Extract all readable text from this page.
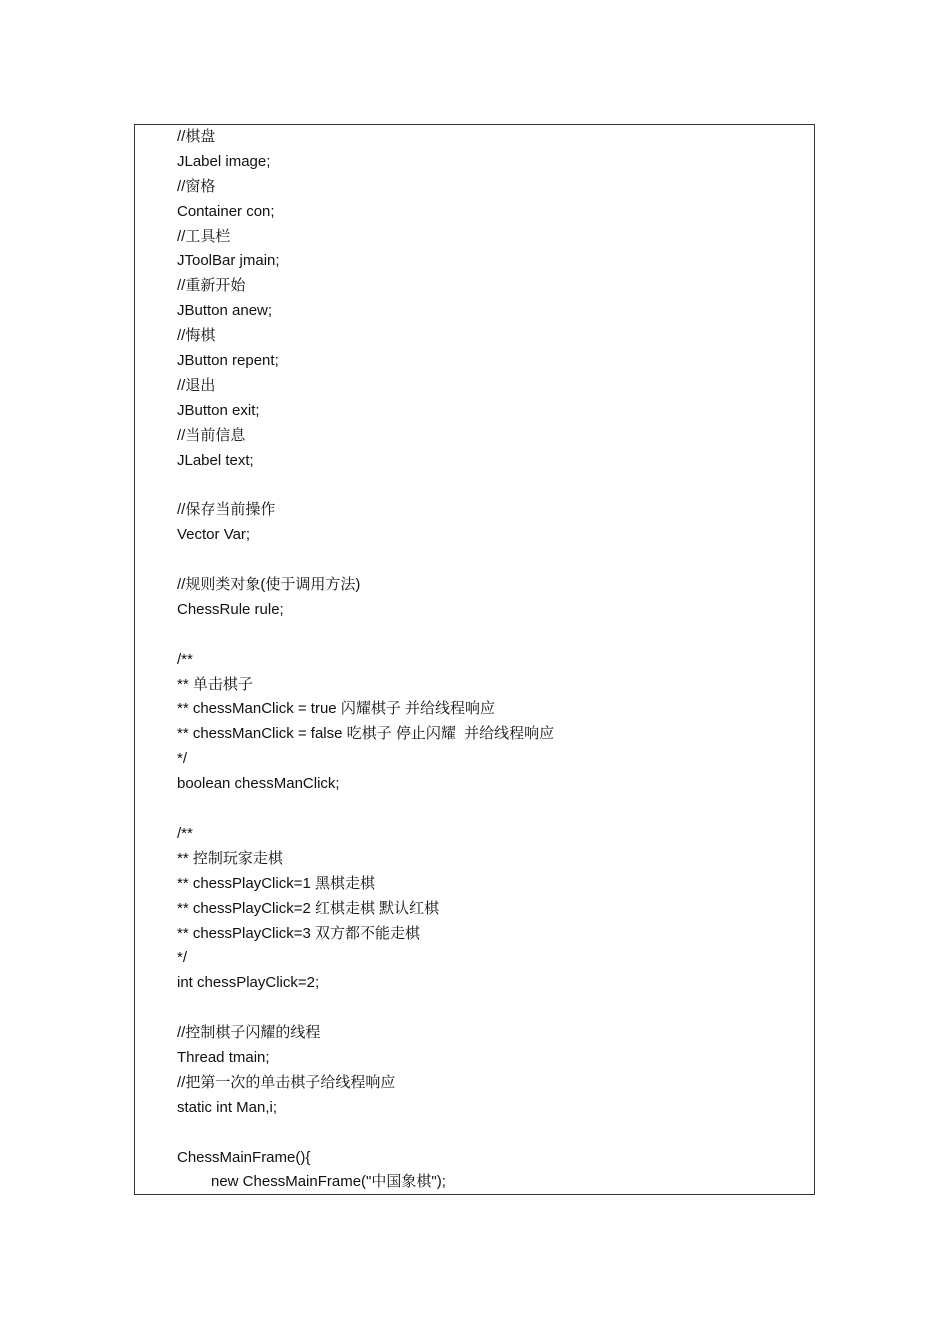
//棋盘
JLabel image;
//窗格
Container con;
//工具栏
JToolBar jmain;
//重新开始
JButton anew;
//悔棋
JButton repent;
//退出
JButton exit;
//当前信息
JLabel text;
//保存当前操作
Vector Var;
//规则类对象(使于调用方法)
ChessRule rule;
/**
** 单击棋子
** chessManClick = true 闪耀棋子 并给线程响应
** chessManClick = false 吃棋子 停止闪耀  并给线程响应
*/
boolean chessManClick;
/**
** 控制玩家走棋
** chessPlayClick=1 黑棋走棋
** chessPlayClick=2 红棋走棋 默认红棋
** chessPlayClick=3 双方都不能走棋
*/
int chessPlayClick=2;
//控制棋子闪耀的线程
Thread tmain;
//把第一次的单击棋子给线程响应
static int Man,i;
ChessMainFrame(){
new ChessMainFrame("中国象棋");
